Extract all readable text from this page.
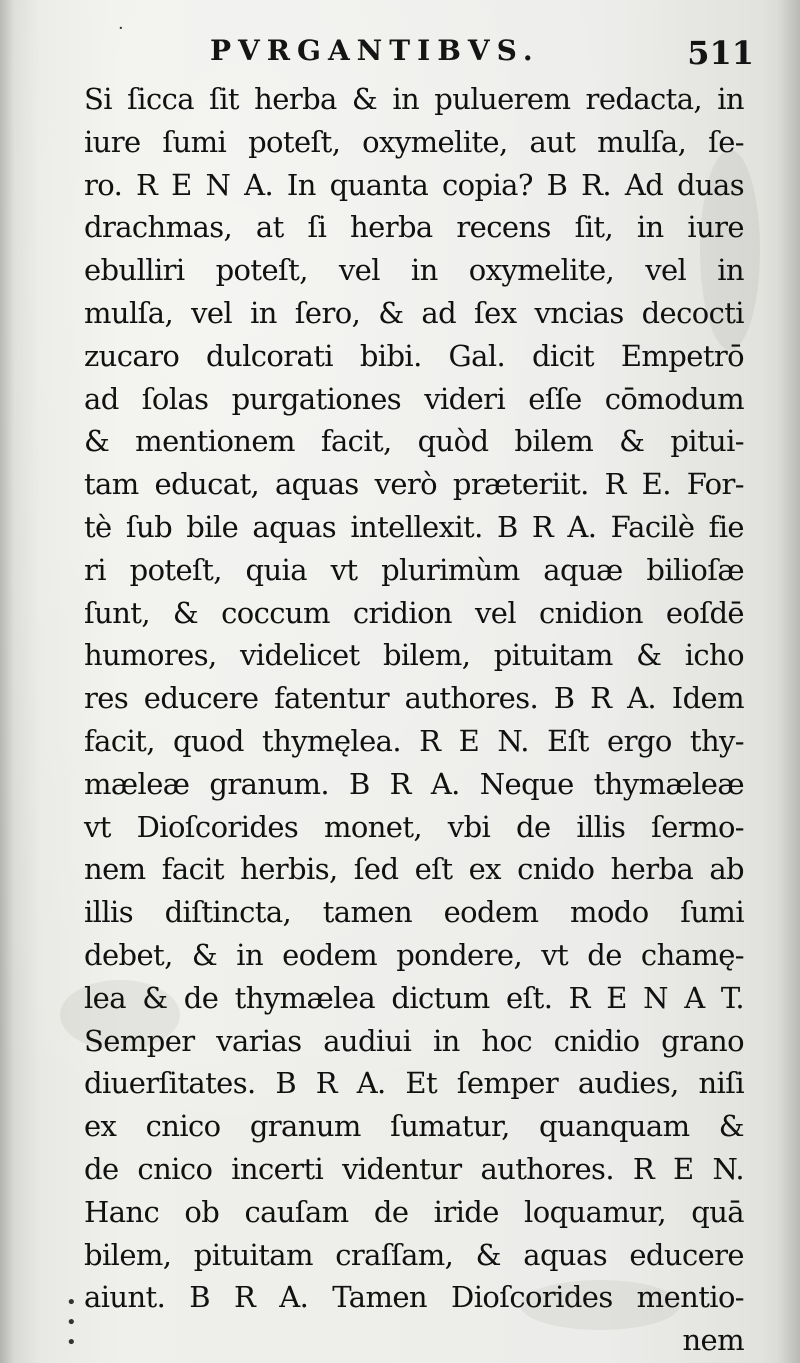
·
•
•
•
PVRGANTIBVS.	511
Si ſicca ſit herba & in puluerem redacta, in
iure ſumi poteſt, oxymelite, aut mulſa, ſe-
ro. R E N A. In quanta copia? B R. Ad duas
drachmas, at ſi herba recens ſit, in iure
ebulliri poteſt, vel in oxymelite, vel in
mulſa, vel in ſero, & ad ſex vncias decocti
zucaro dulcorati bibi. Gal. dicit Empetrō
ad ſolas purgationes videri eſſe cōmodum
& mentionem facit, quòd bilem & pitui-
tam educat, aquas verò prӕteriit. R E. For-
tè ſub bile aquas intellexit. B R A. Facilè fie
ri poteſt, quia vt plurimùm aquӕ bilioſӕ
ſunt, & coccum cridion vel cnidion eoſdē
humores, videlicet bilem, pituitam & icho
res educere fatentur authores. B R A. Idem
facit, quod thymęlea. R E N. Eſt ergo thy-
mӕleӕ granum. B R A. Neque thymӕleӕ
vt Dioſcorides monet, vbi de illis ſermo-
nem facit herbis, ſed eſt ex cnido herba ab
illis diſtincta, tamen eodem modo ſumi
debet, & in eodem pondere, vt de chamę-
lea & de thymӕlea dictum eſt. R E N A T.
Semper varias audiui in hoc cnidio grano
diuerſitates. B R A. Et ſemper audies, niſi
ex cnico granum ſumatur, quanquam &
de cnico incerti videntur authores. R E N.
Hanc ob cauſam de iride loquamur, quā
bilem, pituitam craſſam, & aquas educere
aiunt. B R A. Tamen Dioſcorides mentio-
nem
